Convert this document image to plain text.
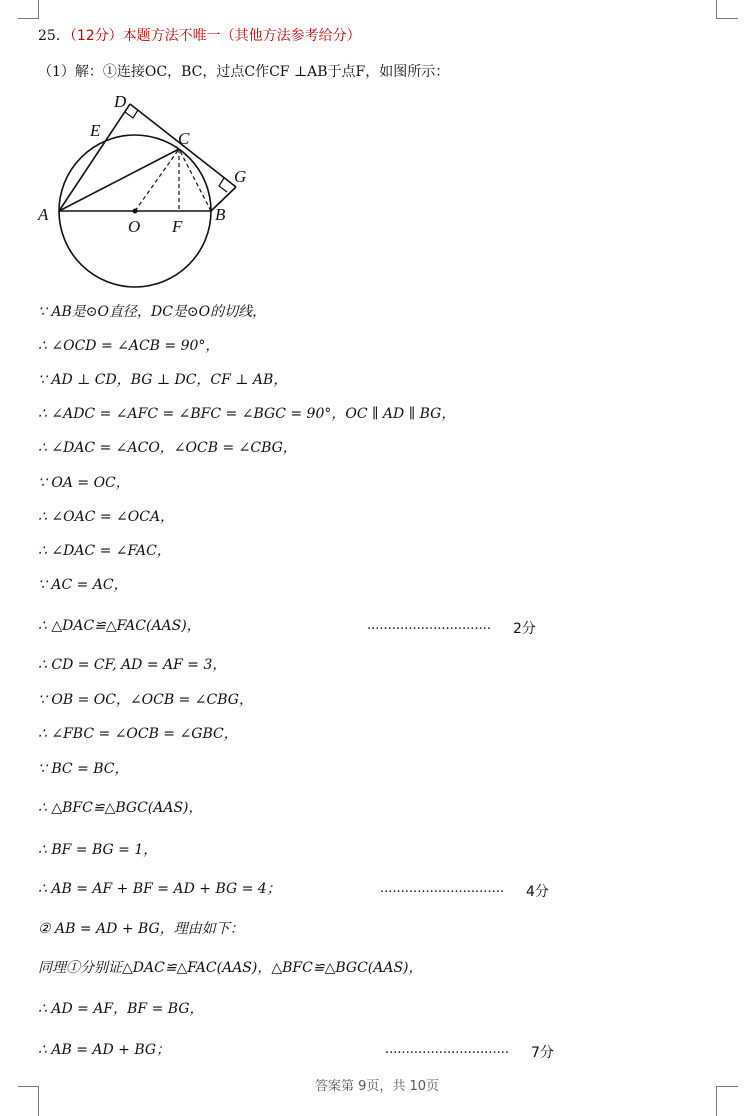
25．（12分）本题方法不唯一（其他方法参考给分）
（1）解：①连接OC，BC，过点C作CF ⊥AB于点F，如图所示：
D
E	C
G
A	B
O F
∵ AB是⊙O直径，DC是⊙O的切线，
∴ ∠OCD = ∠ACB = 90°，
∵ AD ⊥ CD，BG ⊥ DC，CF ⊥ AB，
∴ ∠ADC = ∠AFC = ∠BFC = ∠BGC = 90°，OC ∥ AD ∥ BG，
∴ ∠DAC = ∠ACO，∠OCB = ∠CBG，
∵ OA = OC，
∴ ∠OAC = ∠OCA，
∴ ∠DAC = ∠FAC，
∵ AC = AC，
∴ △DAC≌△FAC(AAS)，
∴ CD = CF, AD = AF = 3，
∵ OB = OC，∠OCB = ∠CBG，
∴ ∠FBC = ∠OCB = ∠GBC，
∵ BC = BC，
∴ △BFC≌△BGC(AAS)，
∴ BF = BG = 1，
∴ AB = AF + BF = AD + BG = 4；
② AB = AD + BG，理由如下：
同理①分别证△DAC≌△FAC(AAS)，△BFC≌△BGC(AAS)，
∴ AD = AF，BF = BG，
∴ AB = AD + BG；
.............................. 2分
.............................. 4分
.............................. 7分
答案第 9页，共 10页
